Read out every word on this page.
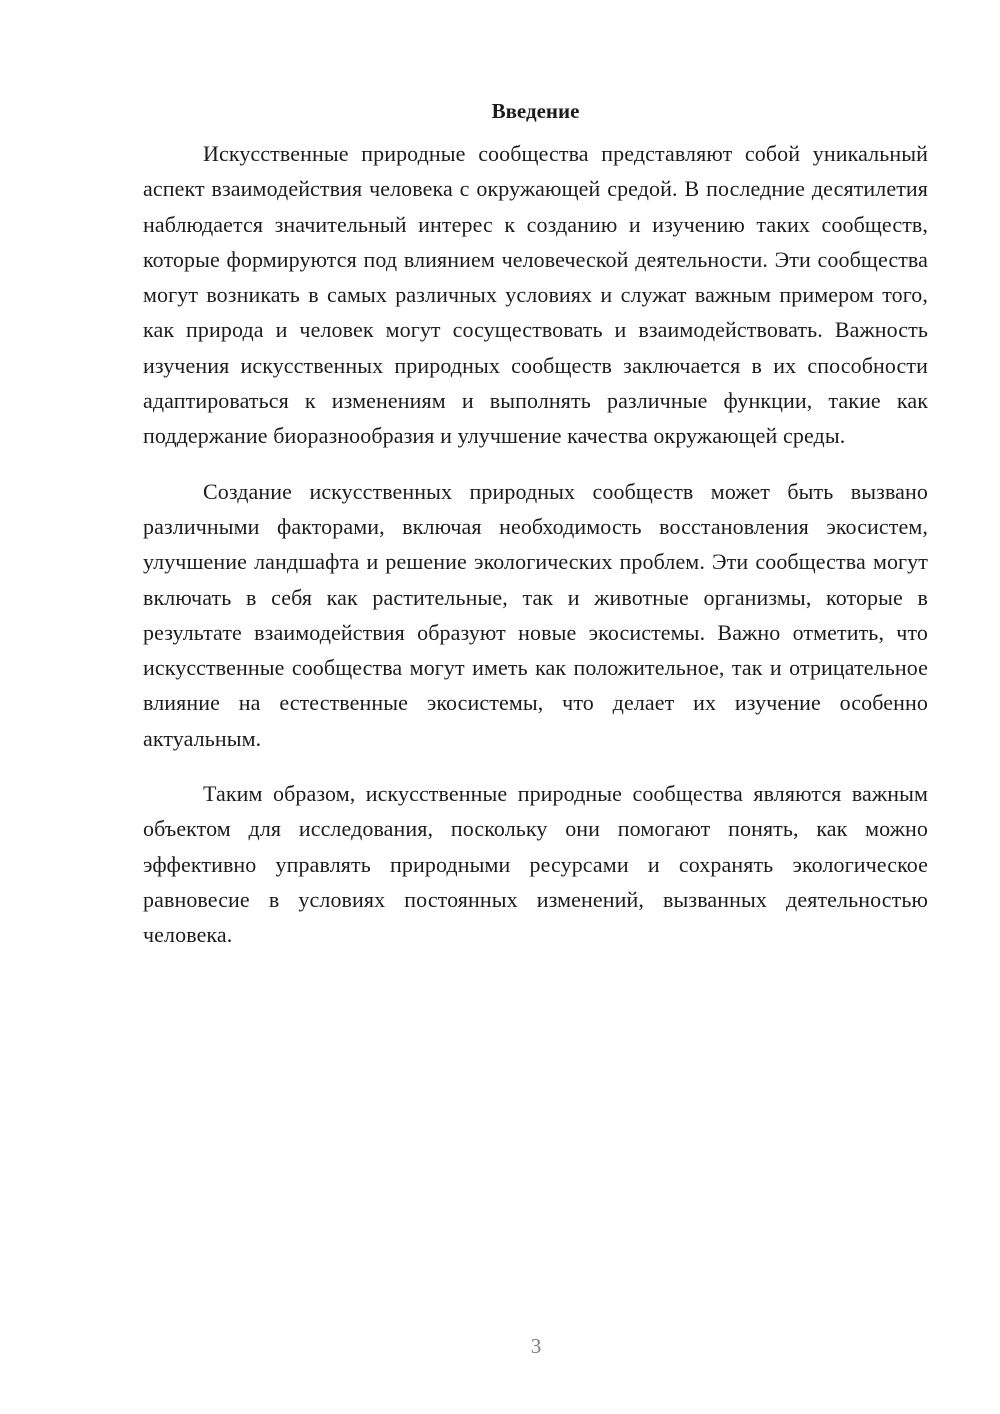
Введение

Искусственные природные сообщества представляют собой уникальный аспект взаимодействия человека с окружающей средой. В последние десятилетия наблюдается значительный интерес к созданию и изучению таких сообществ, которые формируются под влиянием человеческой деятельности. Эти сообщества могут возникать в самых различных условиях и служат важным примером того, как природа и человек могут сосуществовать и взаимодействовать. Важность изучения искусственных природных сообществ заключается в их способности адаптироваться к изменениям и выполнять различные функции, такие как поддержание биоразнообразия и улучшение качества окружающей среды.

Создание искусственных природных сообществ может быть вызвано различными факторами, включая необходимость восстановления экосистем, улучшение ландшафта и решение экологических проблем. Эти сообщества могут включать в себя как растительные, так и животные организмы, которые в результате взаимодействия образуют новые экосистемы. Важно отметить, что искусственные сообщества могут иметь как положительное, так и отрицательное влияние на естественные экосистемы, что делает их изучение особенно актуальным.

Таким образом, искусственные природные сообщества являются важным объектом для исследования, поскольку они помогают понять, как можно эффективно управлять природными ресурсами и сохранять экологическое равновесие в условиях постоянных изменений, вызванных деятельностью человека.

3
